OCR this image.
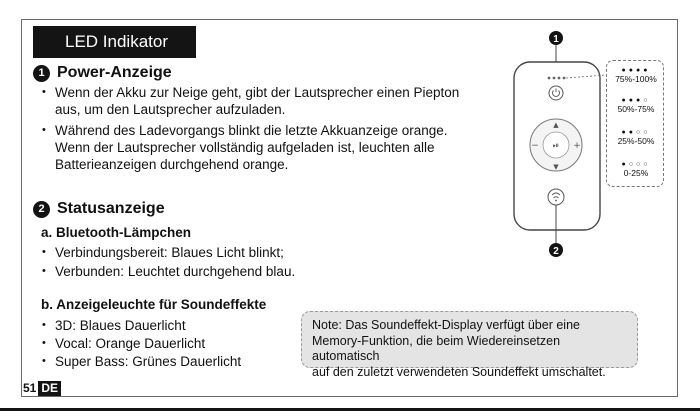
LED Indikator
1 Power-Anzeige
• Wenn der Akku zur Neige geht, gibt der Lautsprecher einen Piepton
aus, um den Lautsprecher aufzuladen.
• Während des Ladevorgangs blinkt die letzte Akkuanzeige orange.
Wenn der Lautsprecher vollständig aufgeladen ist, leuchten alle
Batterieanzeigen durchgehend orange.
2 Statusanzeige
a. Bluetooth-Lämpchen
• Verbindungsbereit: Blaues Licht blinkt;
• Verbunden: Leuchtet durchgehend blau.
b. Anzeigeleuchte für Soundeffekte
• 3D: Blaues Dauerlicht
• Vocal: Orange Dauerlicht
• Super Bass: Grünes Dauerlicht
Note: Das Soundeffekt-Display verfügt über eine
Memory-Funktion, die beim Wiedereinsetzen automatisch
auf den zuletzt verwendeten Soundeffekt umschaltet.
1
⏯
▲
▼
−	+
2
●●●●
75%-100%
●●●○
50%-75%
●●○○
25%-50%
●○○○
0-25%
51 DE
